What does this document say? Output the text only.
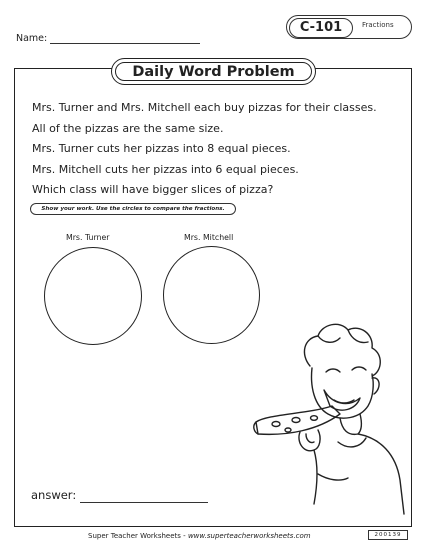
Name:
C-101	Fractions
Daily Word Problem
Mrs. Turner and Mrs. Mitchell each buy pizzas for their classes.
All of the pizzas are the same size.
Mrs. Turner cuts her pizzas into 8 equal pieces.
Mrs. Mitchell cuts her pizzas into 6 equal pieces.
Which class will have bigger slices of pizza?
Show your work. Use the circles to compare the fractions.
Mrs. Turner	Mrs. Mitchell
answer:
Super Teacher Worksheets - www.superteacherworksheets.com	200139
